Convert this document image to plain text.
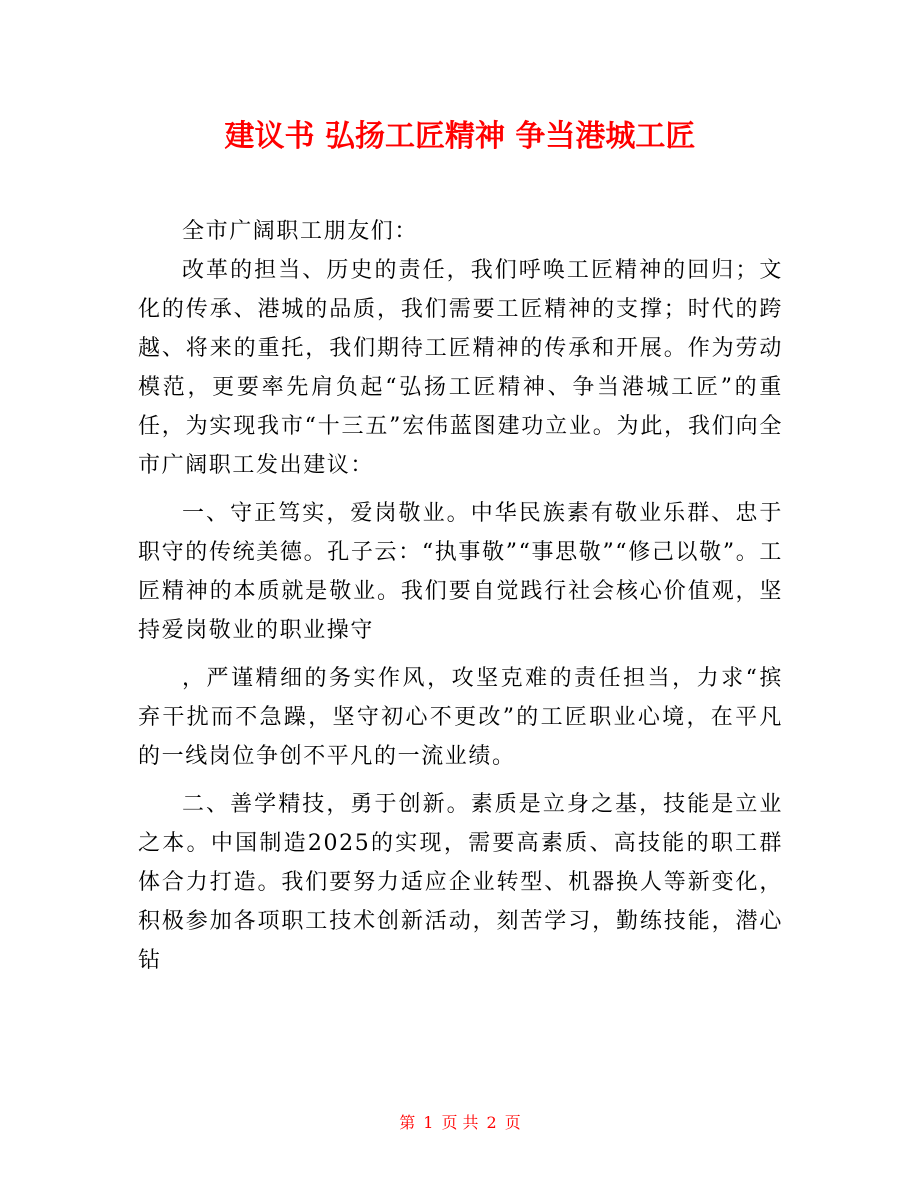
建议书 弘扬工匠精神 争当港城工匠

全市广阔职工朋友们：

改革的担当、历史的责任，我们呼唤工匠精神的回归；文化的传承、港城的品质，我们需要工匠精神的支撑；时代的跨越、将来的重托，我们期待工匠精神的传承和开展。作为劳动模范，更要率先肩负起“弘扬工匠精神、争当港城工匠”的重任，为实现我市“十三五”宏伟蓝图建功立业。为此，我们向全市广阔职工发出建议：

一、守正笃实，爱岗敬业。中华民族素有敬业乐群、忠于职守的传统美德。孔子云：“执事敬”“事思敬”“修己以敬”。工匠精神的本质就是敬业。我们要自觉践行社会核心价值观，坚持爱岗敬业的职业操守

，严谨精细的务实作风，攻坚克难的责任担当，力求“摈弃干扰而不急躁，坚守初心不更改”的工匠职业心境，在平凡的一线岗位争创不平凡的一流业绩。

二、善学精技，勇于创新。素质是立身之基，技能是立业之本。中国制造2025的实现，需要高素质、高技能的职工群体合力打造。我们要努力适应企业转型、机器换人等新变化，积极参加各项职工技术创新活动，刻苦学习，勤练技能，潜心钻

第 1 页 共 2 页
